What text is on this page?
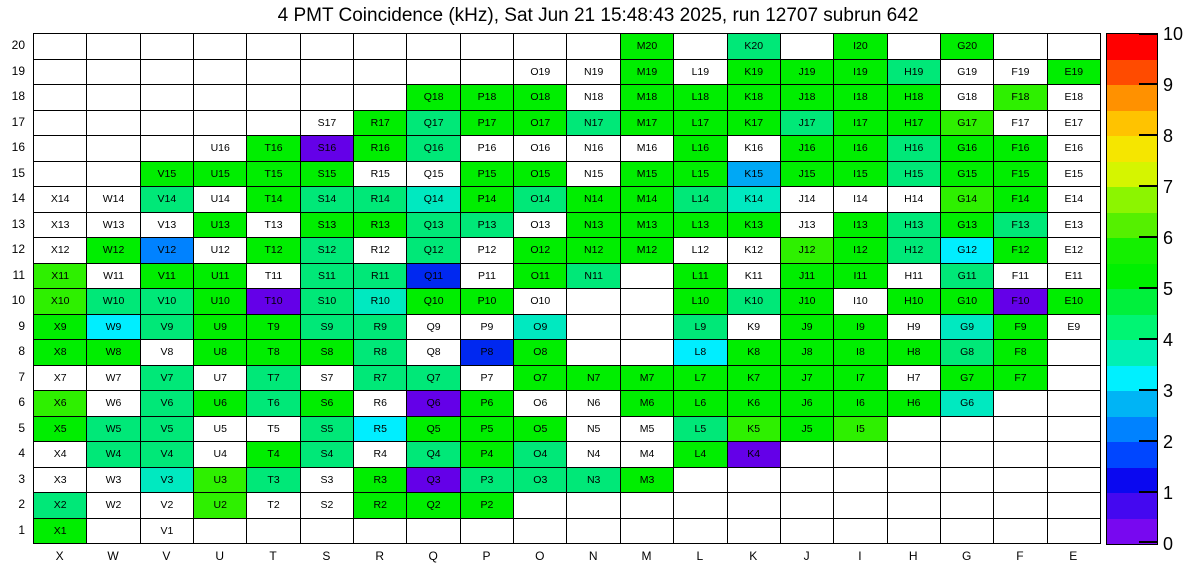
4 PMT Coincidence (kHz), Sat Jun 21 15:48:43 2025, run 12707 subrun 642
20
19
18
17
16
15
14
13
12
11
10
9
8
7
6
5
4
3
2
1
M20	K20	I20	G20
O19	N19	M19	L19	K19	J19	I19	H19	G19	F19	E19
Q18	P18	O18	N18	M18	L18	K18	J18	I18	H18	G18	F18	E18
S17	R17	Q17	P17	O17	N17	M17	L17	K17	J17	I17	H17	G17	F17	E17
U16	T16	S16	R16	Q16	P16	O16	N16	M16	L16	K16	J16	I16	H16	G16	F16	E16
V15	U15	T15	S15	R15	Q15	P15	O15	N15	M15	L15	K15	J15	I15	H15	G15	F15	E15
X14	W14	V14	U14	T14	S14	R14	Q14	P14	O14	N14	M14	L14	K14	J14	I14	H14	G14	F14	E14
X13	W13	V13	U13	T13	S13	R13	Q13	P13	O13	N13	M13	L13	K13	J13	I13	H13	G13	F13	E13
X12	W12	V12	U12	T12	S12	R12	Q12	P12	O12	N12	M12	L12	K12	J12	I12	H12	G12	F12	E12
X11	W11	V11	U11	T11	S11	R11	Q11	P11	O11	N11	L11	K11	J11	I11	H11	G11	F11	E11
X10	W10	V10	U10	T10	S10	R10	Q10	P10	O10	L10	K10	J10	I10	H10	G10	F10	E10
X9	W9	V9	U9	T9	S9	R9	Q9	P9	O9	L9	K9	J9	I9	H9	G9	F9	E9
X8	W8	V8	U8	T8	S8	R8	Q8	P8	O8	L8	K8	J8	I8	H8	G8	F8
X7	W7	V7	U7	T7	S7	R7	Q7	P7	O7	N7	M7	L7	K7	J7	I7	H7	G7	F7
X6	W6	V6	U6	T6	S6	R6	Q6	P6	O6	N6	M6	L6	K6	J6	I6	H6	G6
X5	W5	V5	U5	T5	S5	R5	Q5	P5	O5	N5	M5	L5	K5	J5	I5
X4	W4	V4	U4	T4	S4	R4	Q4	P4	O4	N4	M4	L4	K4
X3	W3	V3	U3	T3	S3	R3	Q3	P3	O3	N3	M3
X2	W2	V2	U2	T2	S2	R2	Q2	P2
X1	V1
X	W	V	U	T	S	R	Q	P	O	N	M	L	K	J	I	H	G	F	E
0
1
2
3
4
5
6
7
8
9
10
